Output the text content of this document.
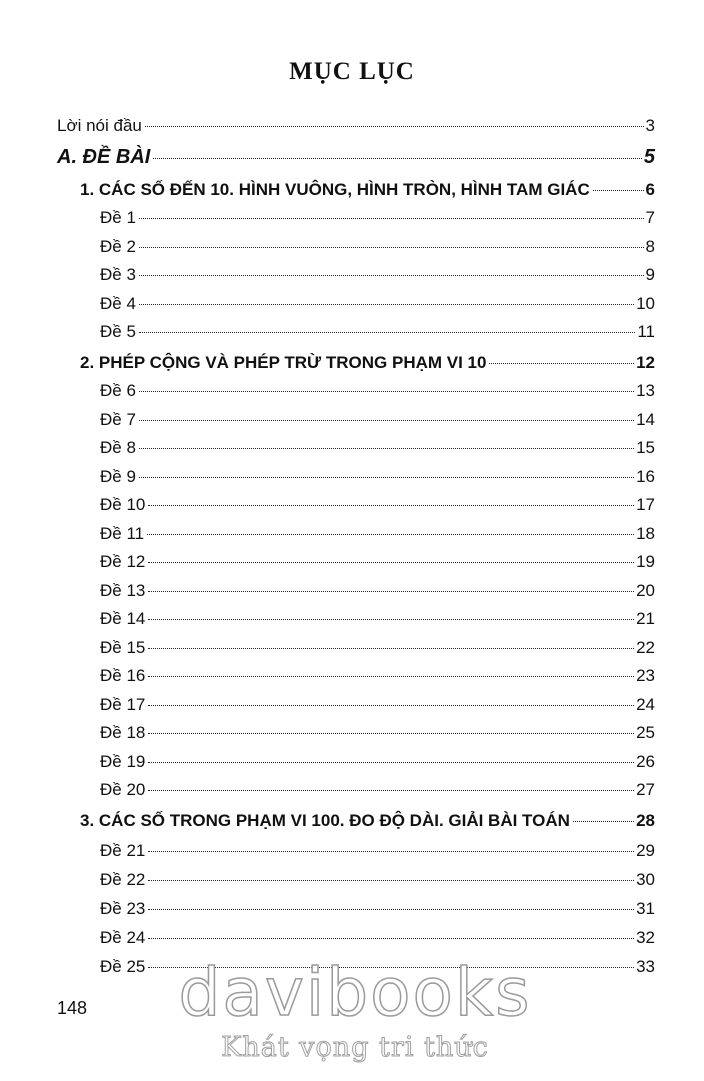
MỤC LỤC
Lời nói đầu	3
A. ĐỀ BÀI	5
1. CÁC SỐ ĐẾN 10. HÌNH VUÔNG, HÌNH TRÒN, HÌNH TAM GIÁC	6
Đề 1	7
Đề 2	8
Đề 3	9
Đề 4	10
Đề 5	11
2. PHÉP CỘNG VÀ PHÉP TRỪ TRONG PHẠM VI 10	12
Đề 6	13
Đề 7	14
Đề 8	15
Đề 9	16
Đề 10	17
Đề 11	18
Đề 12	19
Đề 13	20
Đề 14	21
Đề 15	22
Đề 16	23
Đề 17	24
Đề 18	25
Đề 19	26
Đề 20	27
3. CÁC SỐ TRONG PHẠM VI 100. ĐO ĐỘ DÀI. GIẢI BÀI TOÁN	28
Đề 21	29
Đề 22	30
Đề 23	31
Đề 24	32
Đề 25	33
148	davibooks
Khát vọng tri thức
